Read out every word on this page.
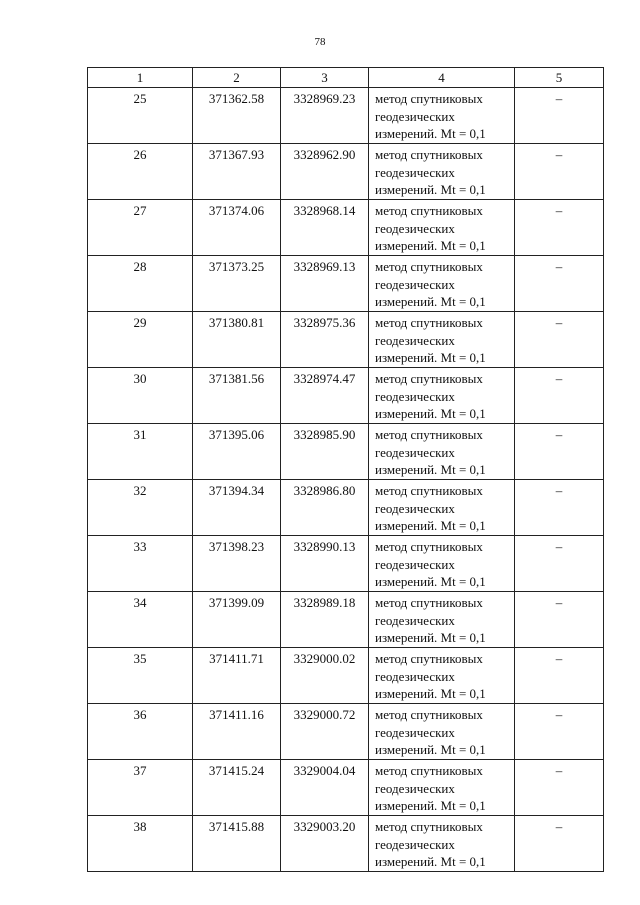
78
1	2	3	4	5
25	371362.58	3328969.23	метод спутниковых
геодезических
измерений. Mt = 0,1	–
26	371367.93	3328962.90	метод спутниковых
геодезических
измерений. Mt = 0,1	–
27	371374.06	3328968.14	метод спутниковых
геодезических
измерений. Mt = 0,1	–
28	371373.25	3328969.13	метод спутниковых
геодезических
измерений. Mt = 0,1	–
29	371380.81	3328975.36	метод спутниковых
геодезических
измерений. Mt = 0,1	–
30	371381.56	3328974.47	метод спутниковых
геодезических
измерений. Mt = 0,1	–
31	371395.06	3328985.90	метод спутниковых
геодезических
измерений. Mt = 0,1	–
32	371394.34	3328986.80	метод спутниковых
геодезических
измерений. Mt = 0,1	–
33	371398.23	3328990.13	метод спутниковых
геодезических
измерений. Mt = 0,1	–
34	371399.09	3328989.18	метод спутниковых
геодезических
измерений. Mt = 0,1	–
35	371411.71	3329000.02	метод спутниковых
геодезических
измерений. Mt = 0,1	–
36	371411.16	3329000.72	метод спутниковых
геодезических
измерений. Mt = 0,1	–
37	371415.24	3329004.04	метод спутниковых
геодезических
измерений. Mt = 0,1	–
38	371415.88	3329003.20	метод спутниковых
геодезических
измерений. Mt = 0,1	–
